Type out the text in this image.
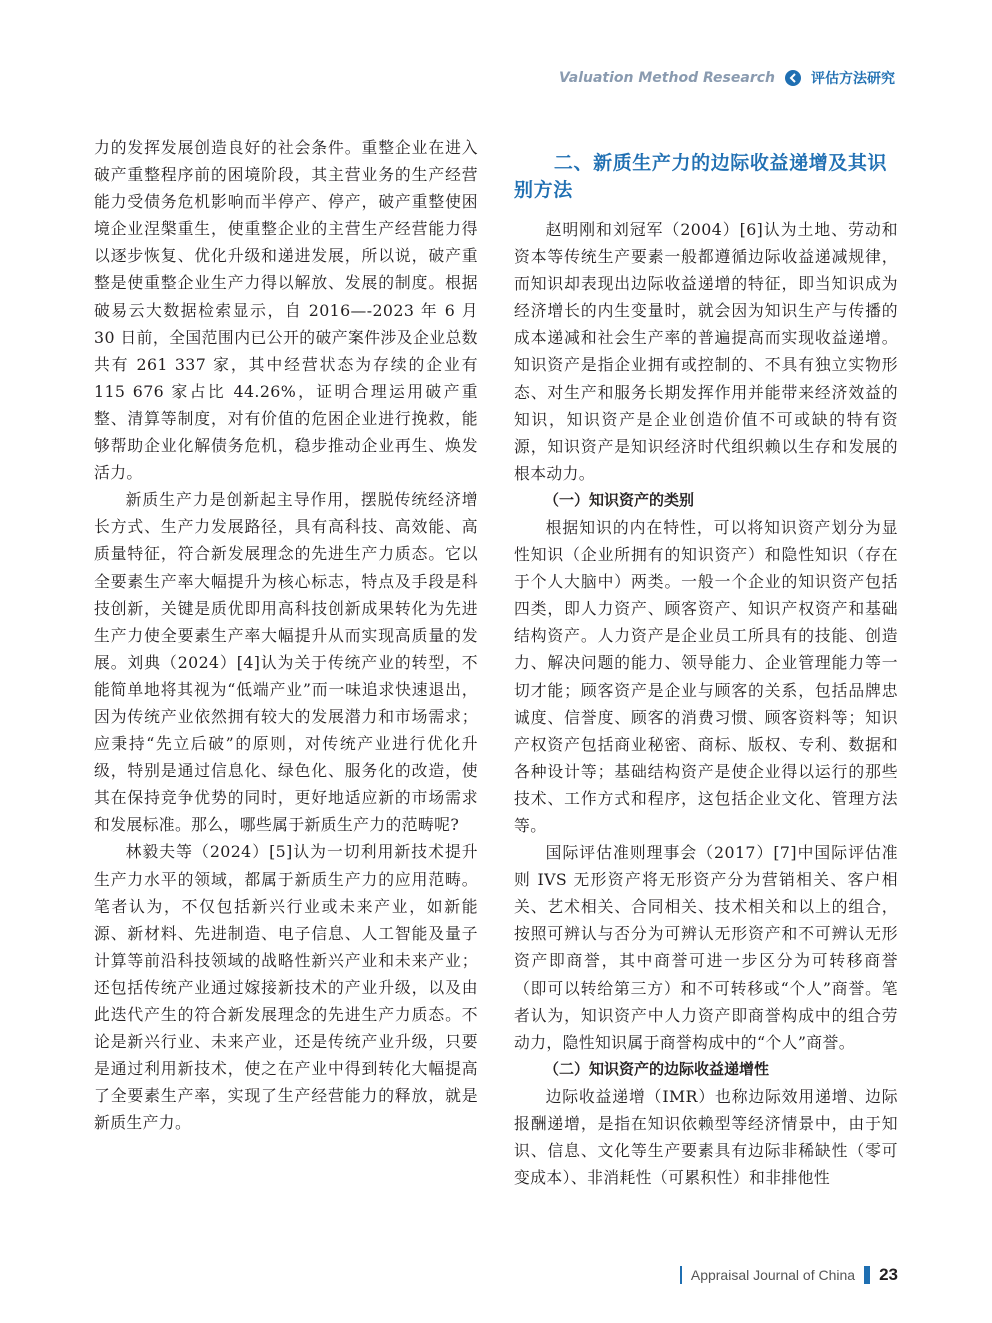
Valuation Method Research	评估方法研究

力的发挥发展创造良好的社会条件。重整企业在进入破产重整程序前的困境阶段，其主营业务的生产经营能力受债务危机影响而半停产、停产，破产重整使困境企业涅槃重生，使重整企业的主营生产经营能力得以逐步恢复、优化升级和递进发展，所以说，破产重整是使重整企业生产力得以解放、发展的制度。根据破易云大数据检索显示，自 2016—-2023 年 6 月 30 日前，全国范围内已公开的破产案件涉及企业总数共有 261 337 家，其中经营状态为存续的企业有 115 676 家占比 44.26%，证明合理运用破产重整、清算等制度，对有价值的危困企业进行挽救，能够帮助企业化解债务危机，稳步推动企业再生、焕发活力。

新质生产力是创新起主导作用，摆脱传统经济增长方式、生产力发展路径，具有高科技、高效能、高质量特征，符合新发展理念的先进生产力质态。它以全要素生产率大幅提升为核心标志，特点及手段是科技创新，关键是质优即用高科技创新成果转化为先进生产力使全要素生产率大幅提升从而实现高质量的发展。刘典（2024）[4]认为关于传统产业的转型，不能简单地将其视为“低端产业”而一味追求快速退出，因为传统产业依然拥有较大的发展潜力和市场需求；应秉持“先立后破”的原则，对传统产业进行优化升级，特别是通过信息化、绿色化、服务化的改造，使其在保持竞争优势的同时，更好地适应新的市场需求和发展标准。那么，哪些属于新质生产力的范畴呢?

林毅夫等（2024）[5]认为一切利用新技术提升生产力水平的领域，都属于新质生产力的应用范畴。笔者认为，不仅包括新兴行业或未来产业，如新能源、新材料、先进制造、电子信息、人工智能及量子计算等前沿科技领域的战略性新兴产业和未来产业；还包括传统产业通过嫁接新技术的产业升级，以及由此迭代产生的符合新发展理念的先进生产力质态。不论是新兴行业、未来产业，还是传统产业升级，只要是通过利用新技术，使之在产业中得到转化大幅提高了全要素生产率，实现了生产经营能力的释放，就是新质生产力。

二、新质生产力的边际收益递增及其识别方法

赵明刚和刘冠军（2004）[6]认为土地、劳动和资本等传统生产要素一般都遵循边际收益递减规律，而知识却表现出边际收益递增的特征，即当知识成为经济增长的内生变量时，就会因为知识生产与传播的成本递减和社会生产率的普遍提高而实现收益递增。知识资产是指企业拥有或控制的、不具有独立实物形态、对生产和服务长期发挥作用并能带来经济效益的知识，知识资产是企业创造价值不可或缺的特有资源，知识资产是知识经济时代组织赖以生存和发展的根本动力。

（一）知识资产的类别

根据知识的内在特性，可以将知识资产划分为显性知识（企业所拥有的知识资产）和隐性知识（存在于个人大脑中）两类。一般一个企业的知识资产包括四类，即人力资产、顾客资产、知识产权资产和基础结构资产。人力资产是企业员工所具有的技能、创造力、解决问题的能力、领导能力、企业管理能力等一切才能；顾客资产是企业与顾客的关系，包括品牌忠诚度、信誉度、顾客的消费习惯、顾客资料等；知识产权资产包括商业秘密、商标、版权、专利、数据和各种设计等；基础结构资产是使企业得以运行的那些技术、工作方式和程序，这包括企业文化、管理方法等。

国际评估准则理事会（2017）[7]中国际评估准则 IVS 无形资产将无形资产分为营销相关、客户相关、艺术相关、合同相关、技术相关和以上的组合，按照可辨认与否分为可辨认无形资产和不可辨认无形资产即商誉，其中商誉可进一步区分为可转移商誉（即可以转给第三方）和不可转移或“个人”商誉。笔者认为，知识资产中人力资产即商誉构成中的组合劳动力，隐性知识属于商誉构成中的“个人”商誉。

（二）知识资产的边际收益递增性

边际收益递增（IMR）也称边际效用递增、边际报酬递增，是指在知识依赖型等经济情景中，由于知识、信息、文化等生产要素具有边际非稀缺性（零可变成本）、非消耗性（可累积性）和非排他性

Appraisal Journal of China 23
